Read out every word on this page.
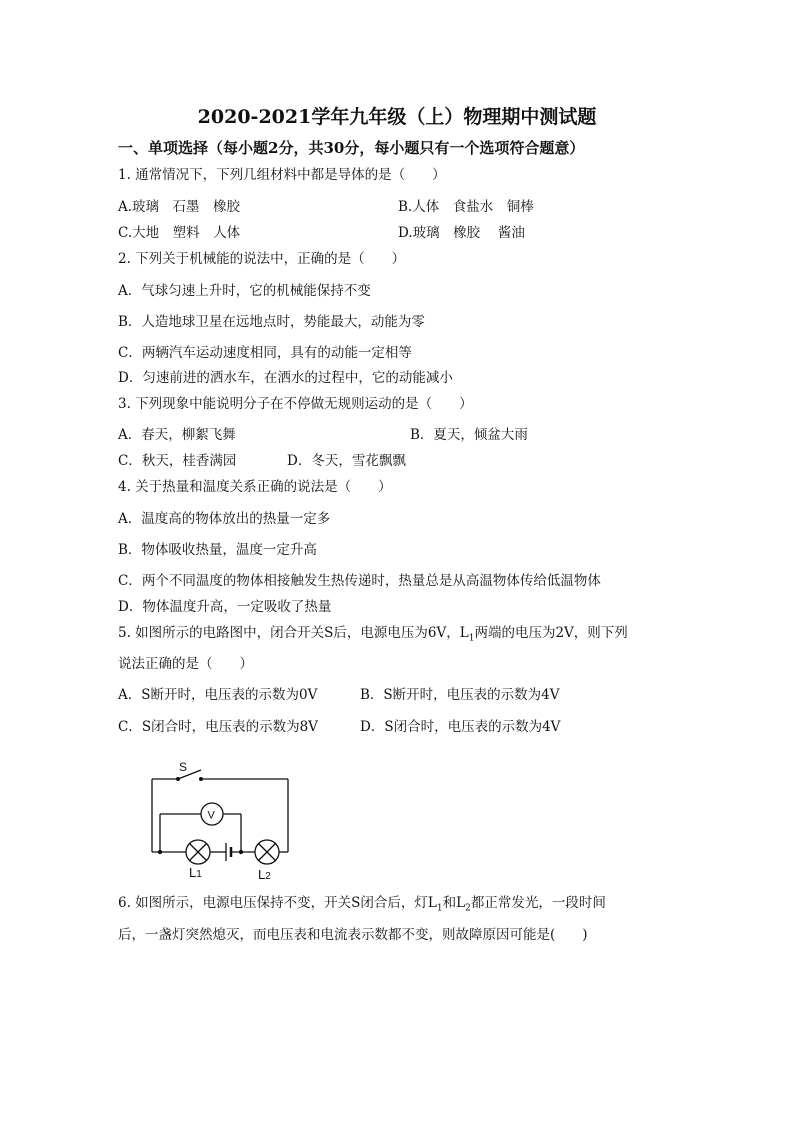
2020-2021学年九年级（上）物理期中测试题
一、单项选择（每小题2分，共30分，每小题只有一个选项符合题意）
1. 通常情况下，下列几组材料中都是导体的是（　　）
A.玻璃　石墨　橡胶	B.人体　食盐水　铜棒
C.大地　塑料　人体	D.玻璃　橡胶　 酱油
2. 下列关于机械能的说法中，正确的是（　　）
A．气球匀速上升时，它的机械能保持不变
B．人造地球卫星在远地点时，势能最大，动能为零
C．两辆汽车运动速度相同，具有的动能一定相等
D．匀速前进的洒水车，在洒水的过程中，它的动能减小
3. 下列现象中能说明分子在不停做无规则运动的是（　　）
A．春天，柳絮飞舞	B．夏天，倾盆大雨
C．秋天，桂香满园	D．冬天，雪花飘飘
4. 关于热量和温度关系正确的说法是（　　）
A．温度高的物体放出的热量一定多
B．物体吸收热量，温度一定升高
C．两个不同温度的物体相接触发生热传递时，热量总是从高温物体传给低温物体
D．物体温度升高，一定吸收了热量
5. 如图所示的电路图中，闭合开关S后，电源电压为6V，$L_1$两端的电压为2V，则下列
说法正确的是（　　）
A．S断开时，电压表的示数为0V	B．S断开时，电压表的示数为4V
C．S闭合时，电压表的示数为8V	D．S闭合时，电压表的示数为4V
S
V
L1	L2
6. 如图所示，电源电压保持不变，开关S闭合后，灯$L_1$和$L_2$都正常发光，一段时间
后，一盏灯突然熄灭，而电压表和电流表示数都不变，则故障原因可能是(　　)
